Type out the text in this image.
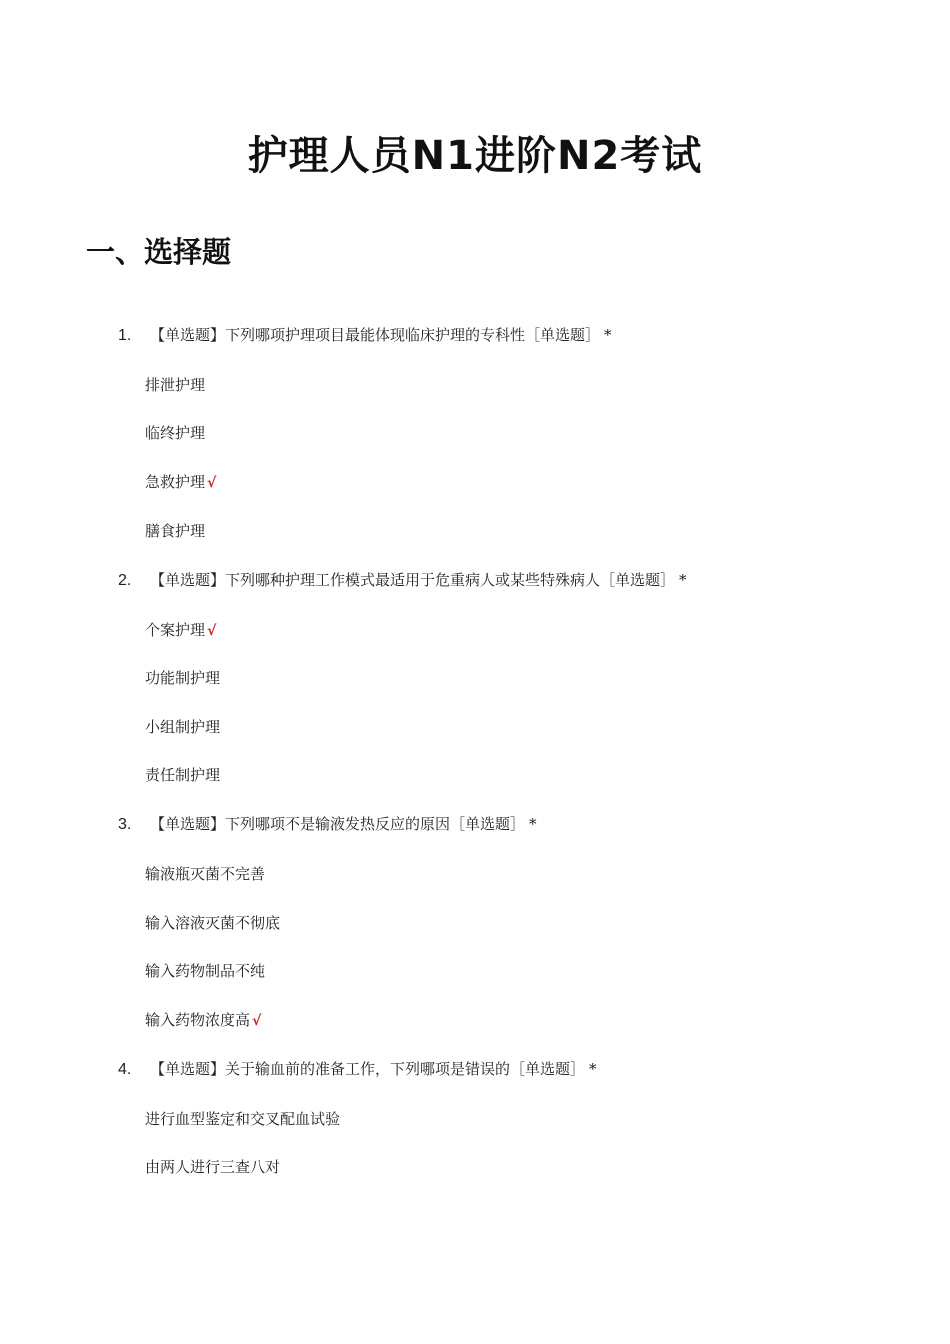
护理人员N1进阶N2考试
一、选择题
1. 【单选题】下列哪项护理项目最能体现临床护理的专科性［单选题］ *
排泄护理
临终护理
急救护理 √
膳食护理
2. 【单选题】下列哪种护理工作模式最适用于危重病人或某些特殊病人［单选题］ *
个案护理 √
功能制护理
小组制护理
责任制护理
3. 【单选题】下列哪项不是输液发热反应的原因［单选题］ *
输液瓶灭菌不完善
输入溶液灭菌不彻底
输入药物制品不纯
输入药物浓度高 √
4. 【单选题】关于输血前的准备工作，下列哪项是错误的［单选题］ *
进行血型鉴定和交叉配血试验
由两人进行三查八对
